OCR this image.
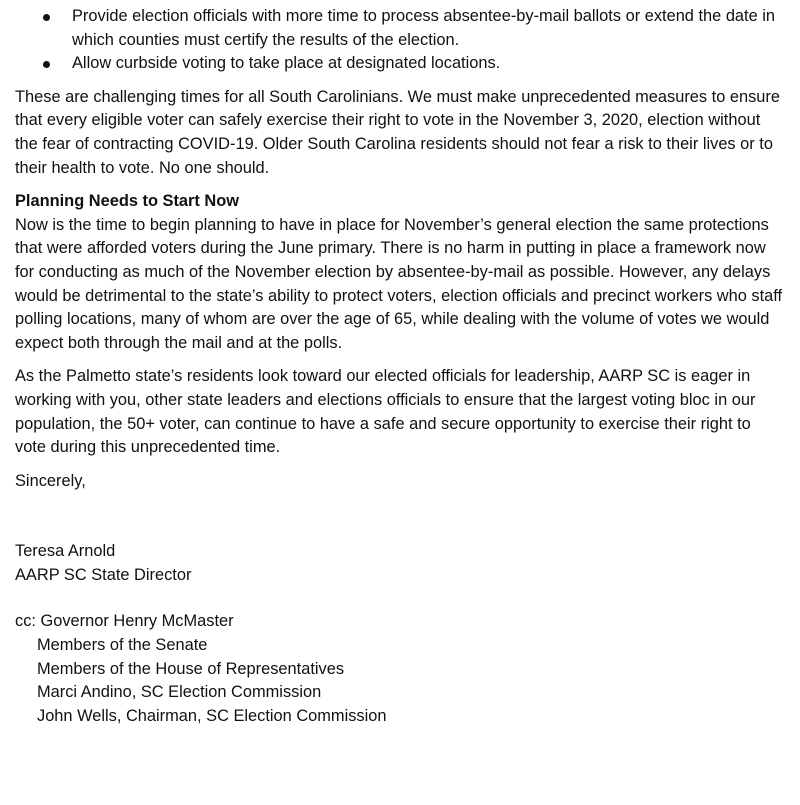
Provide election officials with more time to process absentee-by-mail ballots or extend the date in which counties must certify the results of the election.
Allow curbside voting to take place at designated locations.

These are challenging times for all South Carolinians. We must make unprecedented measures to ensure that every eligible voter can safely exercise their right to vote in the November 3, 2020, election without the fear of contracting COVID-19. Older South Carolina residents should not fear a risk to their lives or to their health to vote. No one should.

Planning Needs to Start Now

Now is the time to begin planning to have in place for November’s general election the same protections that were afforded voters during the June primary. There is no harm in putting in place a framework now for conducting as much of the November election by absentee-by-mail as possible. However, any delays would be detrimental to the state’s ability to protect voters, election officials and precinct workers who staff polling locations, many of whom are over the age of 65, while dealing with the volume of votes we would expect both through the mail and at the polls.

As the Palmetto state’s residents look toward our elected officials for leadership, AARP SC is eager in working with you, other state leaders and elections officials to ensure that the largest voting bloc in our population, the 50+ voter, can continue to have a safe and secure opportunity to exercise their right to vote during this unprecedented time.

Sincerely,

Teresa Arnold

AARP SC State Director

cc: Governor Henry McMaster

Members of the Senate

Members of the House of Representatives

Marci Andino, SC Election Commission

John Wells, Chairman, SC Election Commission
